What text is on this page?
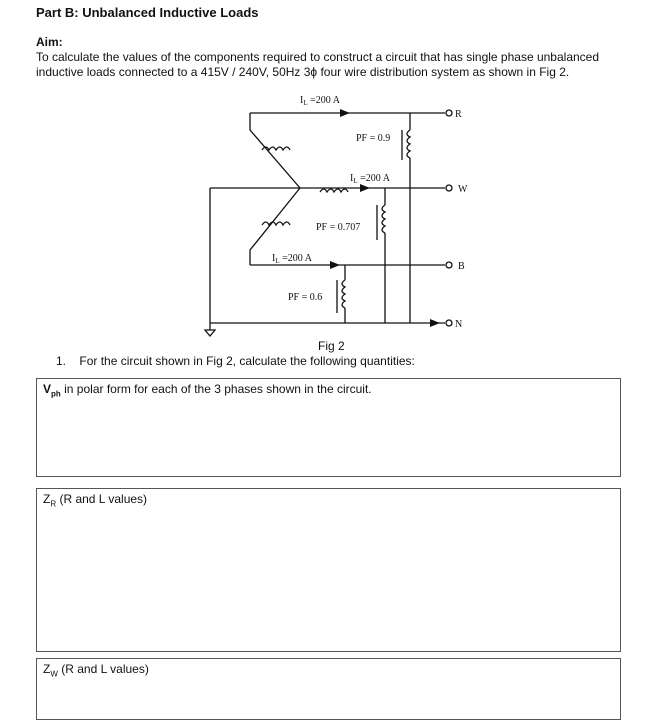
Part B: Unbalanced Inductive Loads
Aim:
To calculate the values of the components required to construct a circuit that has single phase unbalanced inductive loads connected to a 415V / 240V, 50Hz 3ϕ four wire distribution system as shown in Fig 2.
$I_L =200$ A
$I_L =200$ A
$I_L =200$ A
PF = 0.9
PF = 0.707
PF = 0.6
R
W
B
N
Fig 2
1. For the circuit shown in Fig 2, calculate the following quantities:
$V_{ph}$ in polar form for each of the 3 phases shown in the circuit.
$Z_R$ (R and L values)
$Z_W$ (R and L values)
